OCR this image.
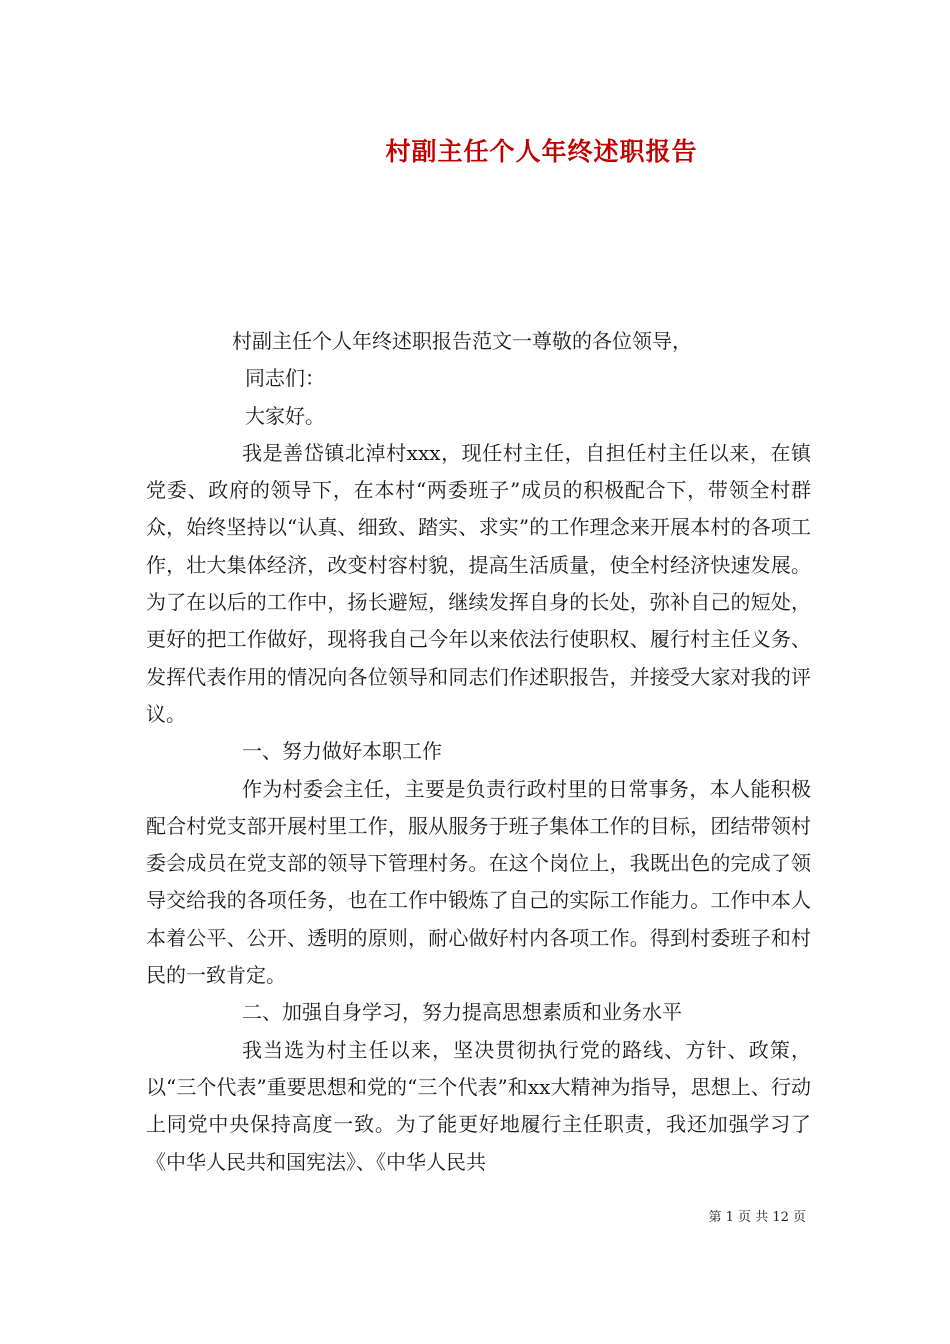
村副主任个人年终述职报告

村副主任个人年终述职报告范文一尊敬的各位领导，

同志们：

大家好。

我是善岱镇北淖村xxx，现任村主任，自担任村主任以来，在镇党委、政府的领导下，在本村“两委班子”成员的积极配合下，带领全村群众，始终坚持以“认真、细致、踏实、求实”的工作理念来开展本村的各项工作，壮大集体经济，改变村容村貌，提高生活质量，使全村经济快速发展。为了在以后的工作中，扬长避短，继续发挥自身的长处，弥补自己的短处，更好的把工作做好，现将我自己今年以来依法行使职权、履行村主任义务、发挥代表作用的情况向各位领导和同志们作述职报告，并接受大家对我的评议。

一、努力做好本职工作

作为村委会主任，主要是负责行政村里的日常事务，本人能积极配合村党支部开展村里工作，服从服务于班子集体工作的目标，团结带领村委会成员在党支部的领导下管理村务。在这个岗位上，我既出色的完成了领导交给我的各项任务，也在工作中锻炼了自己的实际工作能力。工作中本人本着公平、公开、透明的原则，耐心做好村内各项工作。得到村委班子和村民的一致肯定。

二、加强自身学习，努力提高思想素质和业务水平

我当选为村主任以来，坚决贯彻执行党的路线、方针、政策，以“三个代表”重要思想和党的“三个代表”和xx大精神为指导，思想上、行动上同党中央保持高度一致。为了能更好地履行主任职责，我还加强学习了《中华人民共和国宪法》、《中华人民共

第 1 页 共 12 页
